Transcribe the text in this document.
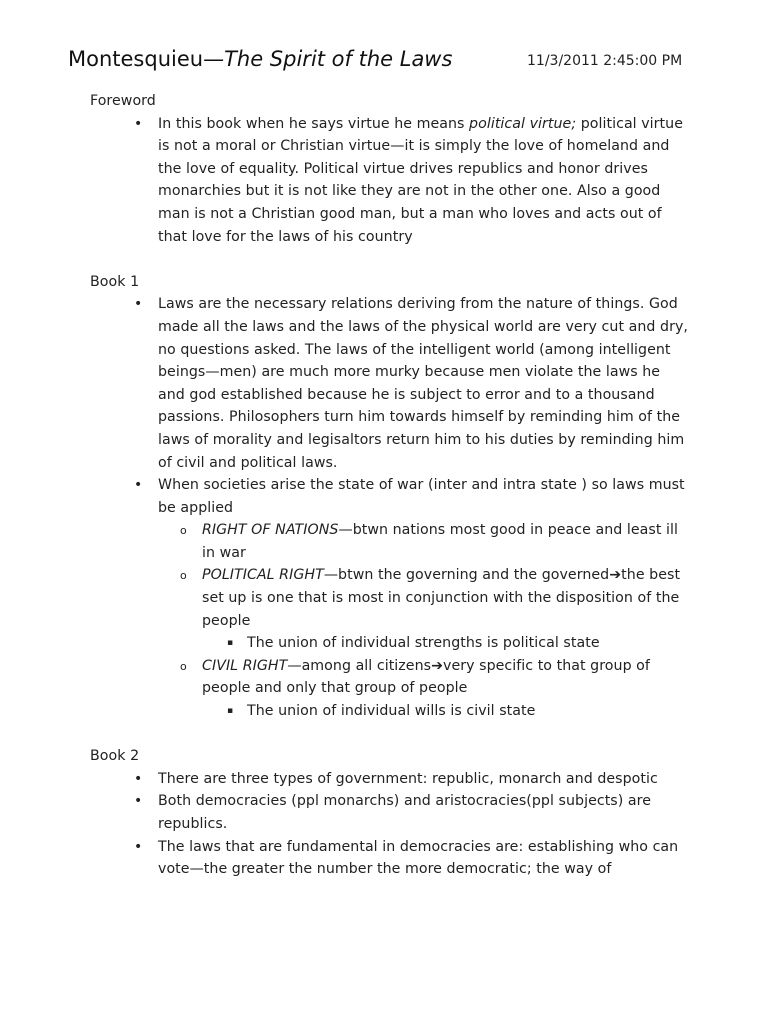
Montesquieu—The Spirit of the Laws	11/3/2011 2:45:00 PM

Foreword

• In this book when he says virtue he means political virtue; political virtue is not a moral or Christian virtue—it is simply the love of homeland and the love of equality. Political virtue drives republics and honor drives monarchies but it is not like they are not in the other one. Also a good man is not a Christian good man, but a man who loves and acts out of that love for the laws of his country

Book 1

• Laws are the necessary relations deriving from the nature of things. God made all the laws and the laws of the physical world are very cut and dry, no questions asked. The laws of the intelligent world (among intelligent beings—men) are much more murky because men violate the laws he and god established because he is subject to error and to a thousand passions. Philosophers turn him towards himself by reminding him of the laws of morality and legisaltors return him to his duties by reminding him of civil and political laws.
• When societies arise the state of war (inter and intra state ) so laws must be applied
o RIGHT OF NATIONS—btwn nations most good in peace and least ill in war
o POLITICAL RIGHT—btwn the governing and the governed➔the best set up is one that is most in conjunction with the disposition of the people
▪ The union of individual strengths is political state
o CIVIL RIGHT—among all citizens➔very specific to that group of people and only that group of people
▪ The union of individual wills is civil state

Book 2

• There are three types of government: republic, monarch and despotic
• Both democracies (ppl monarchs) and aristocracies(ppl subjects) are republics.
• The laws that are fundamental in democracies are: establishing who can vote—the greater the number the more democratic; the way of
